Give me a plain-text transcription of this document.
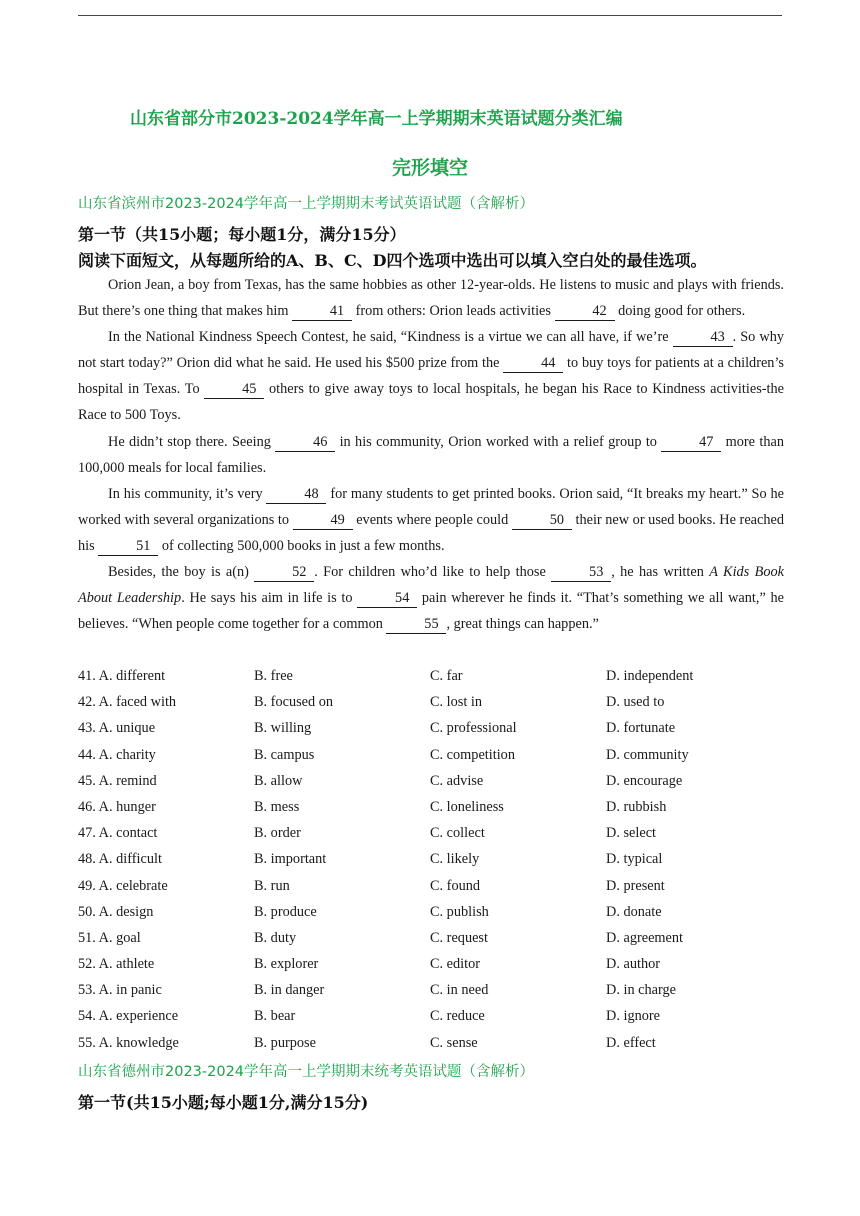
山东省部分市2023-2024学年高一上学期期末英语试题分类汇编
完形填空
山东省滨州市2023-2024学年高一上学期期末考试英语试题（含解析）
第一节（共15小题；每小题1分，满分15分）
阅读下面短文，从每题所给的A、B、C、D四个选项中选出可以填入空白处的最佳选项。

Orion Jean, a boy from Texas, has the same hobbies as other 12-year-olds. He listens to music and plays with friends. But there’s one thing that makes him	41 from others: Orion leads activities	42 doing good for others.

In the National Kindness Speech Contest, he said, “Kindness is a virtue we can all have, if we’re	43 . So why not start today?” Orion did what he said. He used his $500 prize from the	44 to buy toys for patients at a children’s hospital in Texas. To	45 others to give away toys to local hospitals, he began his Race to Kindness activities-the Race to 500 Toys.

He didn’t stop there. Seeing	46 in his community, Orion worked with a relief group to	47 more than 100,000 meals for local families.

In his community, it’s very	48 for many students to get printed books. Orion said, “It breaks my heart.” So he worked with several organizations to	49 events where people could	50 their new or used books. He reached his	51 of collecting 500,000 books in just a few months.

Besides, the boy is a(n)	52 . For children who’d like to help those	53 , he has written A Kids Book About Leadership. He says his aim in life is to	54 pain wherever he finds it. “That’s something we all want,” he believes. “When people come together for a common	55 , great things can happen.”

41. A. different	B. free	C. far	D. independent
42. A. faced with	B. focused on	C. lost in	D. used to
43. A. unique	B. willing	C. professional	D. fortunate
44. A. charity	B. campus	C. competition	D. community
45. A. remind	B. allow	C. advise	D. encourage
46. A. hunger	B. mess	C. loneliness	D. rubbish
47. A. contact	B. order	C. collect	D. select
48. A. difficult	B. important	C. likely	D. typical
49. A. celebrate	B. run	C. found	D. present
50. A. design	B. produce	C. publish	D. donate
51. A. goal	B. duty	C. request	D. agreement
52. A. athlete	B. explorer	C. editor	D. author
53. A. in panic	B. in danger	C. in need	D. in charge
54. A. experience	B. bear	C. reduce	D. ignore
55. A. knowledge	B. purpose	C. sense	D. effect
山东省德州市2023-2024学年高一上学期期末统考英语试题（含解析）
第一节(共15小题;每小题1分,满分15分)
